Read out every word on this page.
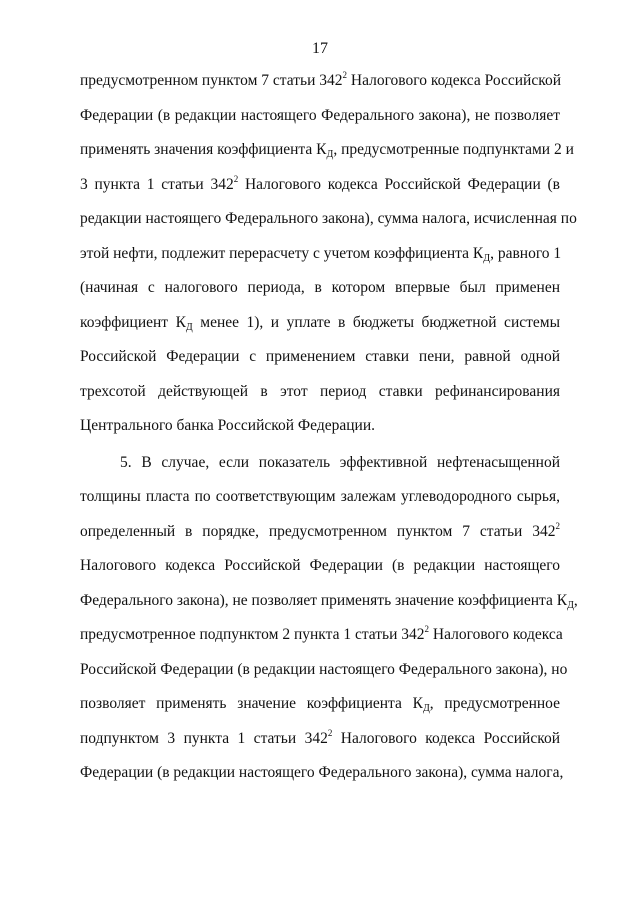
17
предусмотренном пунктом 7 статьи $342^2$ Налогового кодекса Российской
Федерации (в редакции настоящего Федерального закона), не позволяет
применять значения коэффициента $К_Д$, предусмотренные подпунктами 2 и
3 пункта 1 статьи $342^2$ Налогового кодекса Российской Федерации (в
редакции настоящего Федерального закона), сумма налога, исчисленная по
этой нефти, подлежит перерасчету с учетом коэффициента $К_Д$, равного 1
(начиная с налогового периода, в котором впервые был применен
коэффициент $К_Д$ менее 1), и уплате в бюджеты бюджетной системы
Российской Федерации с применением ставки пени, равной одной
трехсотой действующей в этот период ставки рефинансирования
Центрального банка Российской Федерации.
5. В случае, если показатель эффективной нефтенасыщенной
толщины пласта по соответствующим залежам углеводородного сырья,
определенный в порядке, предусмотренном пунктом 7 статьи $342^2$
Налогового кодекса Российской Федерации (в редакции настоящего
Федерального закона), не позволяет применять значение коэффициента $К_Д$,
предусмотренное подпунктом 2 пункта 1 статьи $342^2$ Налогового кодекса
Российской Федерации (в редакции настоящего Федерального закона), но
позволяет применять значение коэффициента $К_Д$, предусмотренное
подпунктом 3 пункта 1 статьи $342^2$ Налогового кодекса Российской
Федерации (в редакции настоящего Федерального закона), сумма налога,
